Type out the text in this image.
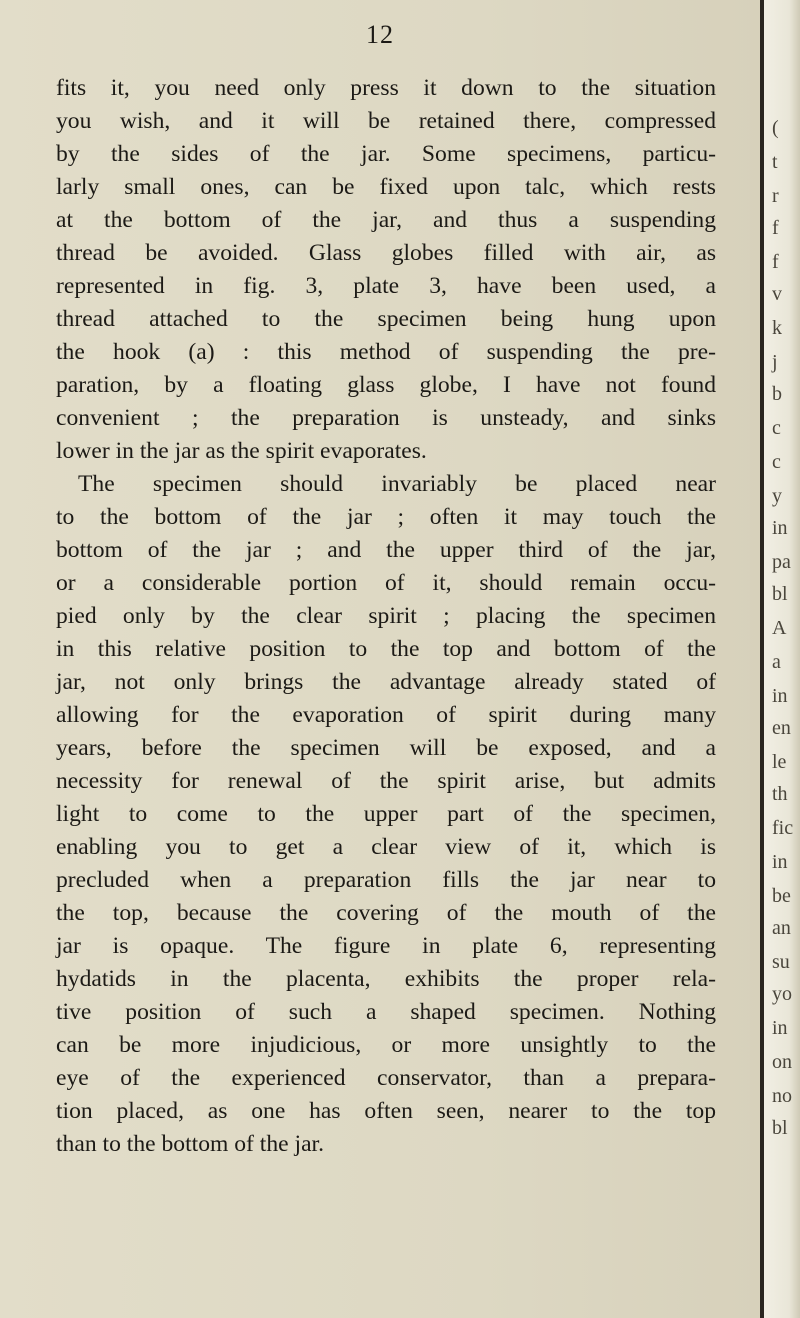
12
fits it, you need only press it down to the situation
you wish, and it will be retained there, compressed
by the sides of the jar. Some specimens, particu-
larly small ones, can be fixed upon talc, which rests
at the bottom of the jar, and thus a suspending
thread be avoided. Glass globes filled with air, as
represented in fig. 3, plate 3, have been used, a
thread attached to the specimen being hung upon
the hook (a) : this method of suspending the pre-
paration, by a floating glass globe, I have not found
convenient ; the preparation is unsteady, and sinks
lower in the jar as the spirit evaporates.
The specimen should invariably be placed near
to the bottom of the jar ; often it may touch the
bottom of the jar ; and the upper third of the jar,
or a considerable portion of it, should remain occu-
pied only by the clear spirit ; placing the specimen
in this relative position to the top and bottom of the
jar, not only brings the advantage already stated of
allowing for the evaporation of spirit during many
years, before the specimen will be exposed, and a
necessity for renewal of the spirit arise, but admits
light to come to the upper part of the specimen,
enabling you to get a clear view of it, which is
precluded when a preparation fills the jar near to
the top, because the covering of the mouth of the
jar is opaque. The figure in plate 6, representing
hydatids in the placenta, exhibits the proper rela-
tive position of such a shaped specimen. Nothing
can be more injudicious, or more unsightly to the
eye of the experienced conservator, than a prepara-
tion placed, as one has often seen, nearer to the top
than to the bottom of the jar.
(
t
r
f
f
v
k
j
b
c
c
y
in
pa
bl
A
a
in
en
le
th
fic
in
be
an
su
yo
in
on
no
bl
